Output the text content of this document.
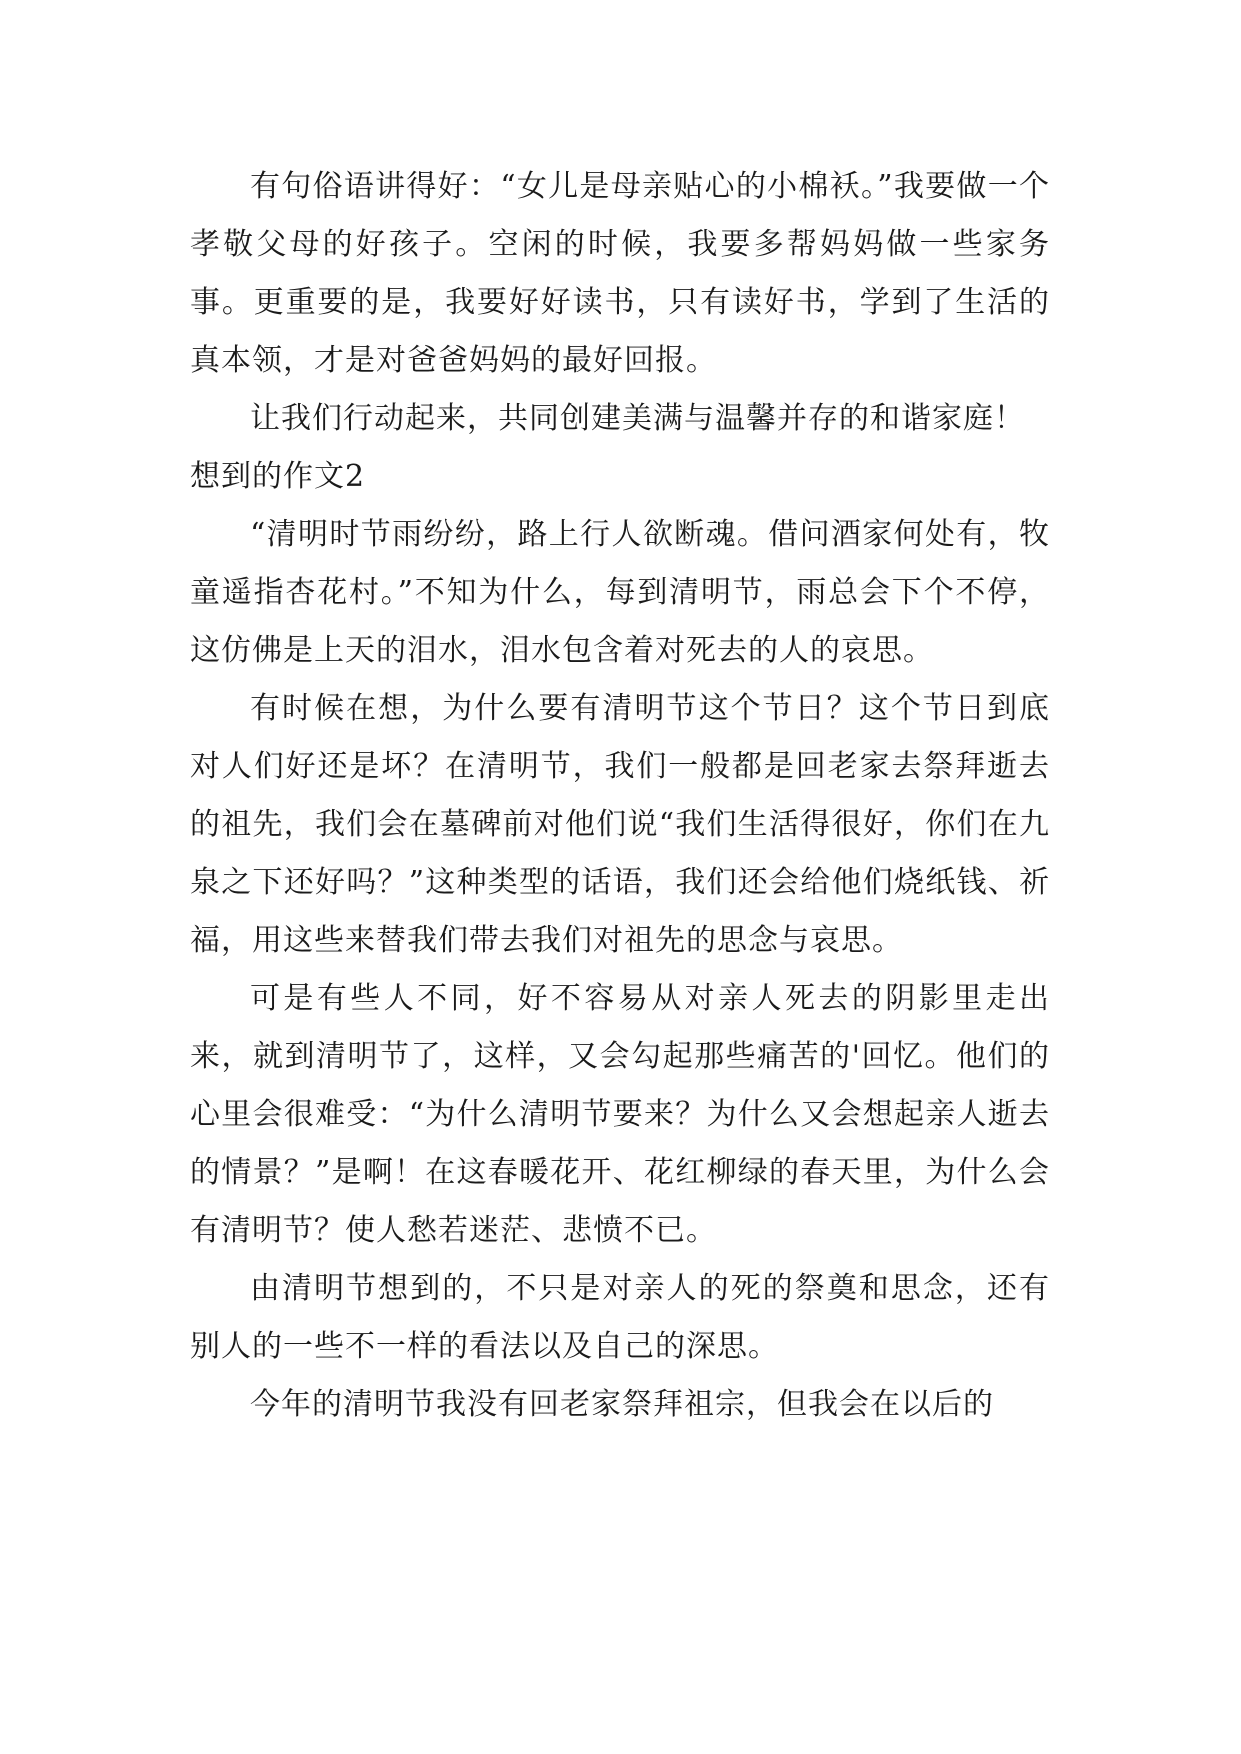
有句俗语讲得好：“女儿是母亲贴心的小棉袄。”我要做一个孝敬父母的好孩子。空闲的时候，我要多帮妈妈做一些家务事。更重要的是，我要好好读书，只有读好书，学到了生活的真本领，才是对爸爸妈妈的最好回报。

让我们行动起来，共同创建美满与温馨并存的和谐家庭！

想到的作文2

“清明时节雨纷纷，路上行人欲断魂。借问酒家何处有，牧童遥指杏花村。”不知为什么，每到清明节，雨总会下个不停，这仿佛是上天的泪水，泪水包含着对死去的人的哀思。

有时候在想，为什么要有清明节这个节日？这个节日到底对人们好还是坏？在清明节，我们一般都是回老家去祭拜逝去的祖先，我们会在墓碑前对他们说“我们生活得很好，你们在九泉之下还好吗？”这种类型的话语，我们还会给他们烧纸钱、祈福，用这些来替我们带去我们对祖先的思念与哀思。

可是有些人不同，好不容易从对亲人死去的阴影里走出来，就到清明节了，这样，又会勾起那些痛苦的'回忆。他们的心里会很难受：“为什么清明节要来？为什么又会想起亲人逝去的情景？”是啊！在这春暖花开、花红柳绿的春天里，为什么会有清明节？使人愁若迷茫、悲愤不已。

由清明节想到的，不只是对亲人的死的祭奠和思念，还有别人的一些不一样的看法以及自己的深思。

今年的清明节我没有回老家祭拜祖宗，但我会在以后的
